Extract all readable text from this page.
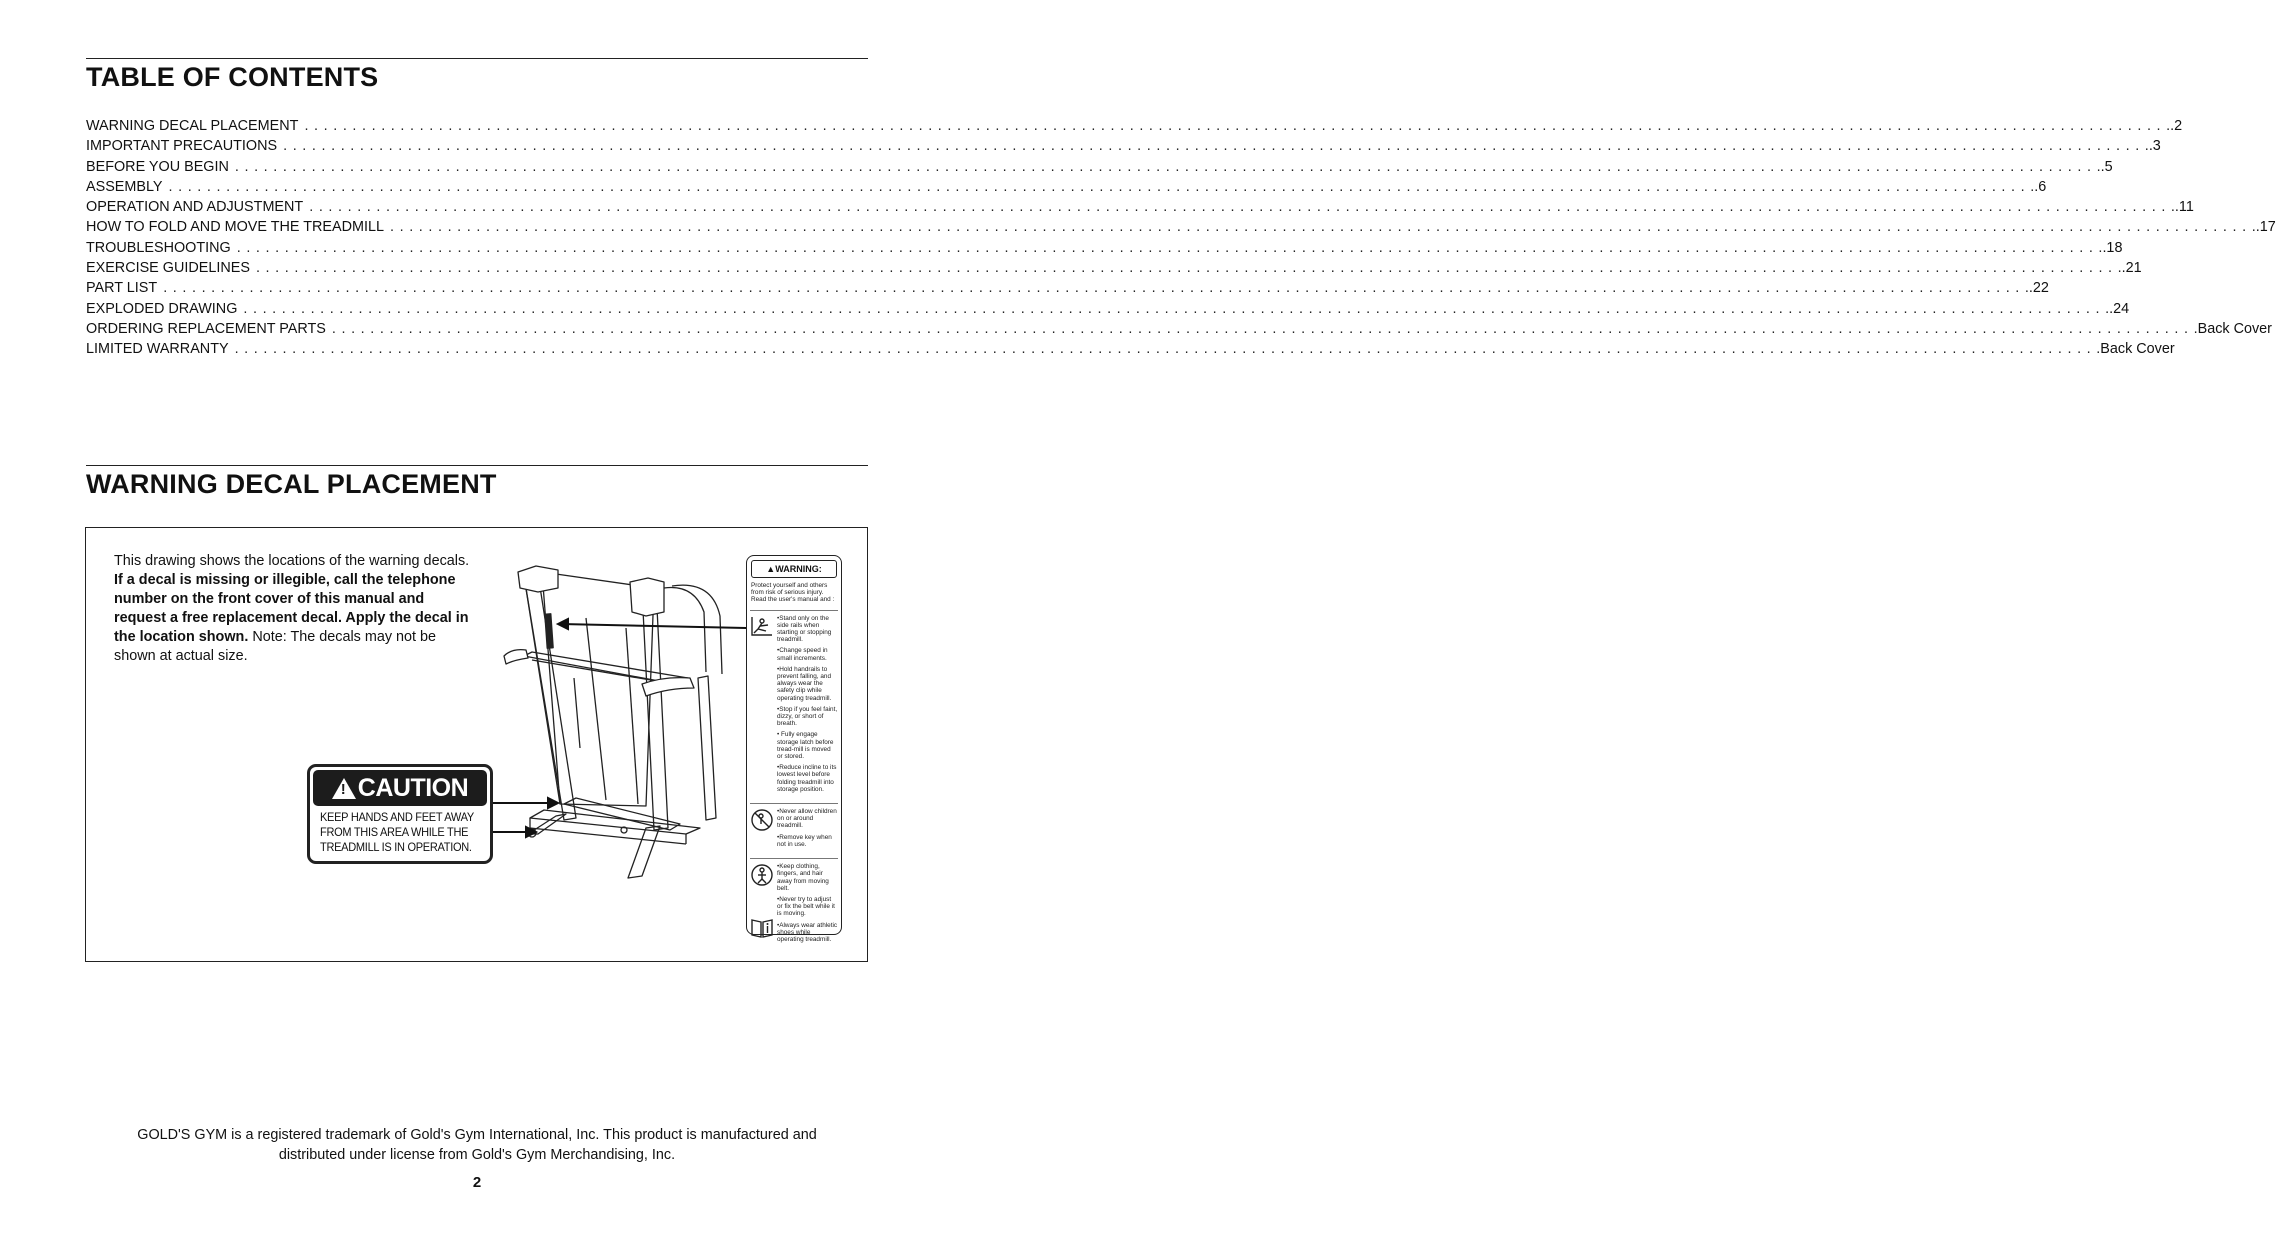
TABLE OF CONTENTS
WARNING DECAL PLACEMENT . . .	.2
IMPORTANT PRECAUTIONS . . .	.3
BEFORE YOU BEGIN . . .	.5
ASSEMBLY . . .	.6
OPERATION AND ADJUSTMENT . . .	.11
HOW TO FOLD AND MOVE THE TREADMILL . . .	.17
TROUBLESHOOTING . . .	.18
EXERCISE GUIDELINES . . .	.21
PART LIST . . .	.22
EXPLODED DRAWING . . .	.24
ORDERING REPLACEMENT PARTS . . .	Back Cover
LIMITED WARRANTY . . .	Back Cover
WARNING DECAL PLACEMENT

This drawing shows the locations of the warning decals. If a decal is missing or illegible, call the telephone number on the front cover of this manual and request a free replacement decal. Apply the decal in the location shown. Note: The decals may not be shown at actual size.

!
CAUTION
KEEP HANDS AND FEET AWAY
FROM THIS AREA WHILE THE
TREADMILL IS IN OPERATION.
▲WARNING:
Protect yourself and others from risk of serious injury. Read the user's manual and :
•Stand only on the side rails when starting or stopping treadmill.
•Change speed in small increments.
•Hold handrails to prevent falling, and always wear the safety clip while operating treadmill.
•Stop if you feel faint, dizzy, or short of breath.
• Fully engage storage latch before tread-mill is moved or stored.
•Reduce incline to its lowest level before folding treadmill into storage position.
•Never allow children on or around treadmill.
•Remove key when not in use.
•Keep clothing, fingers, and hair away from moving belt.
•Never try to adjust or fix the belt while it is moving.
•Always wear athletic shoes while operating treadmill.

GOLD'S GYM is a registered trademark of Gold's Gym International, Inc. This product is manufactured and
distributed under license from Gold's Gym Merchandising, Inc.

2
